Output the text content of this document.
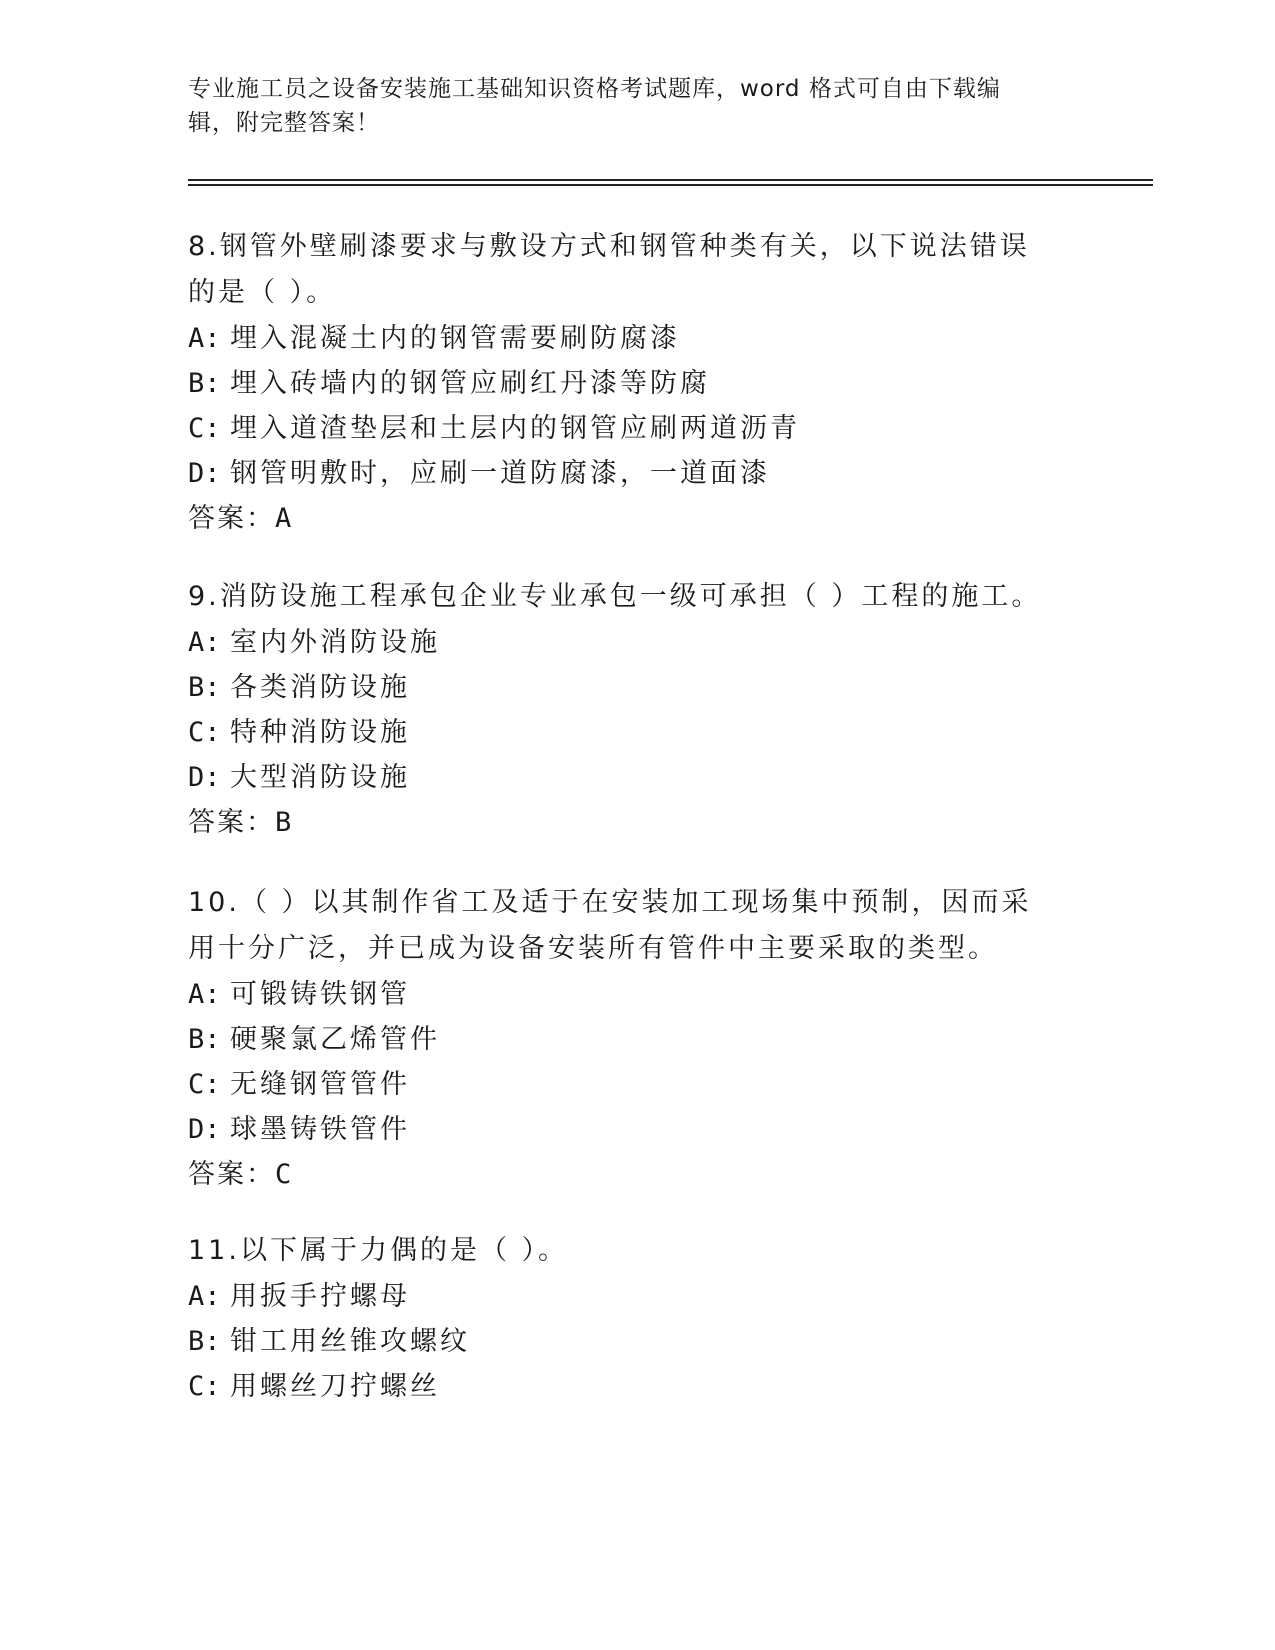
专业施工员之设备安装施工基础知识资格考试题库，word 格式可自由下载编辑，附完整答案！

8.钢管外壁刷漆要求与敷设方式和钢管种类有关，以下说法错误的是（ ）。

A: 埋入混凝土内的钢管需要刷防腐漆

B: 埋入砖墙内的钢管应刷红丹漆等防腐

C: 埋入道渣垫层和土层内的钢管应刷两道沥青

D: 钢管明敷时，应刷一道防腐漆，一道面漆

答案：A

9.消防设施工程承包企业专业承包一级可承担（ ）工程的施工。

A: 室内外消防设施

B: 各类消防设施

C: 特种消防设施

D: 大型消防设施

答案：B

10.（ ）以其制作省工及适于在安装加工现场集中预制，因而采用十分广泛，并已成为设备安装所有管件中主要采取的类型。

A: 可锻铸铁钢管

B: 硬聚氯乙烯管件

C: 无缝钢管管件

D: 球墨铸铁管件

答案：C

11.以下属于力偶的是（ ）。

A: 用扳手拧螺母

B: 钳工用丝锥攻螺纹

C: 用螺丝刀拧螺丝
